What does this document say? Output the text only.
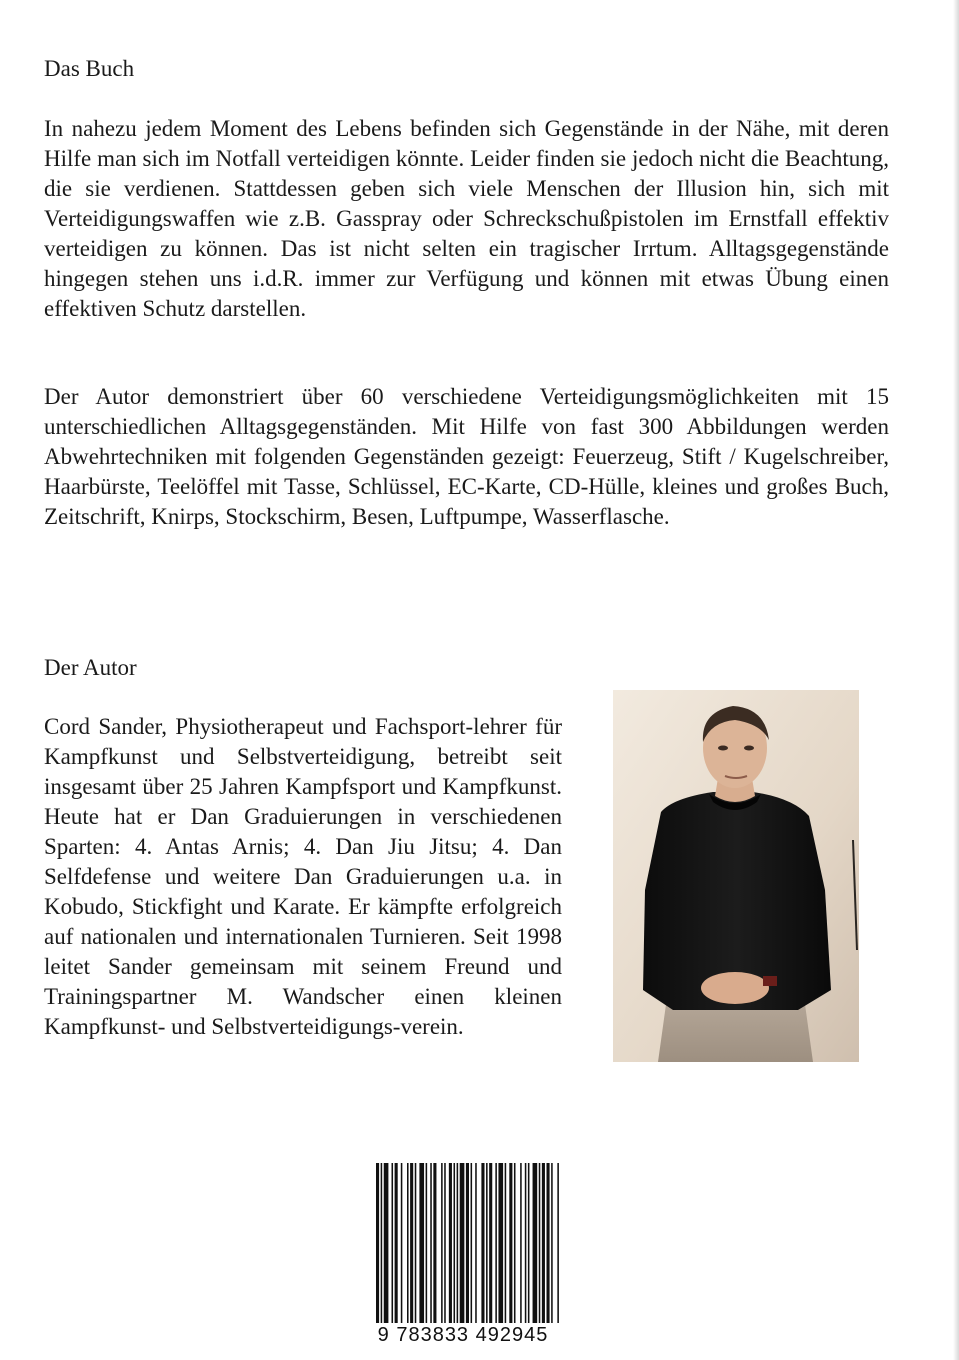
Das Buch

In nahezu jedem Moment des Lebens befinden sich Gegenstände in der Nähe, mit deren Hilfe man sich im Notfall verteidigen könnte. Leider finden sie jedoch nicht die Beachtung, die sie verdienen. Stattdessen geben sich viele Menschen der Illusion hin, sich mit Verteidigungswaffen wie z.B. Gasspray oder Schreckschußpistolen im Ernstfall effektiv verteidigen zu können. Das ist nicht selten ein tragischer Irrtum. Alltagsgegenstände hingegen stehen uns i.d.R. immer zur Verfügung und können mit etwas Übung einen effektiven Schutz darstellen.

Der Autor demonstriert über 60 verschiedene Verteidigungsmöglichkeiten mit 15 unterschiedlichen Alltagsgegenständen. Mit Hilfe von fast 300 Abbildungen werden Abwehrtechniken mit folgenden Gegenständen gezeigt: Feuerzeug, Stift / Kugelschreiber, Haarbürste, Teelöffel mit Tasse, Schlüssel, EC-Karte, CD-Hülle, kleines und großes Buch, Zeitschrift, Knirps, Stockschirm, Besen, Luftpumpe, Wasserflasche.

Der Autor

Cord Sander, Physiotherapeut und Fachsport-lehrer für Kampfkunst und Selbstverteidigung, betreibt seit insgesamt über 25 Jahren Kampfsport und Kampfkunst. Heute hat er Dan Graduierungen in verschiedenen Sparten: 4. Antas Arnis; 4. Dan Jiu Jitsu; 4. Dan Selfdefense und weitere Dan Graduierungen u.a. in Kobudo, Stickfight und Karate. Er kämpfte erfolgreich auf nationalen und internationalen Turnieren. Seit 1998 leitet Sander gemeinsam mit seinem Freund und Trainingspartner M. Wandscher einen kleinen Kampfkunst- und Selbstverteidigungs-verein.

9 783833 492945
